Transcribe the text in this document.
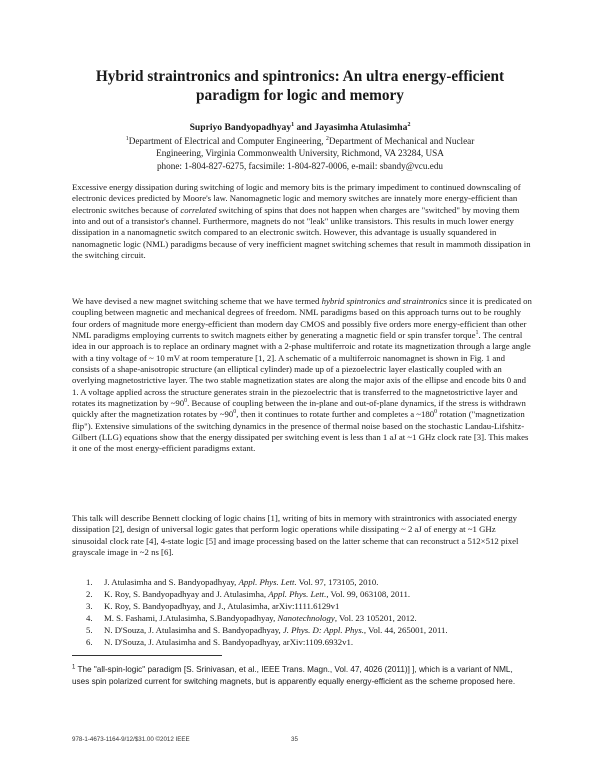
Hybrid straintronics and spintronics: An ultra energy-efficient
paradigm for logic and memory
Supriyo Bandyopadhyay$^1$ and Jayasimha Atulasimha$^2$
$^1$Department of Electrical and Computer Engineering, $^2$Department of Mechanical and Nuclear
Engineering, Virginia Commonwealth University, Richmond, VA 23284, USA
phone: 1-804-827-6275, facsimile: 1-804-827-0006, e-mail: sbandy@vcu.edu

Excessive energy dissipation during switching of logic and memory bits is the primary impediment to continued downscaling of electronic devices predicted by Moore's law. Nanomagnetic logic and memory switches are innately more energy-efficient than electronic switches because of correlated switching of spins that does not happen when charges are "switched" by moving them into and out of a transistor's channel. Furthermore, magnets do not "leak" unlike transistors. This results in much lower energy dissipation in a nanomagnetic switch compared to an electronic switch. However, this advantage is usually squandered in nanomagnetic logic (NML) paradigms because of very inefficient magnet switching schemes that result in mammoth dissipation in the switching circuit.

We have devised a new magnet switching scheme that we have termed hybrid spintronics and straintronics since it is predicated on coupling between magnetic and mechanical degrees of freedom. NML paradigms based on this approach turns out to be roughly four orders of magnitude more energy-efficient than modern day CMOS and possibly five orders more energy-efficient than other NML paradigms employing currents to switch magnets either by generating a magnetic field or spin transfer torque$^1$. The central idea in our approach is to replace an ordinary magnet with a 2-phase multiferroic and rotate its magnetization through a large angle with a tiny voltage of ~ 10 mV at room temperature [1, 2]. A schematic of a multiferroic nanomagnet is shown in Fig. 1 and consists of a shape-anisotropic structure (an elliptical cylinder) made up of a piezoelectric layer elastically coupled with an overlying magnetostrictive layer. The two stable magnetization states are along the major axis of the ellipse and encode bits 0 and 1. A voltage applied across the structure generates strain in the piezoelectric that is transferred to the magnetostrictive layer and rotates its magnetization by $\sim 90^0$. Because of coupling between the in-plane and out-of-plane dynamics, if the stress is withdrawn quickly after the magnetization rotates by $\sim 90^0$, then it continues to rotate further and completes a $\sim 180^0$ rotation ("magnetization flip"). Extensive simulations of the switching dynamics in the presence of thermal noise based on the stochastic Landau-Lifshitz-Gilbert (LLG) equations show that the energy dissipated per switching event is less than 1 aJ at ~1 GHz clock rate [3]. This makes it one of the most energy-efficient paradigms extant.

This talk will describe Bennett clocking of logic chains [1], writing of bits in memory with straintronics with associated energy dissipation [2], design of universal logic gates that perform logic operations while dissipating ~ 2 aJ of energy at ~1 GHz sinusoidal clock rate [4], 4-state logic [5] and image processing based on the latter scheme that can reconstruct a 512×512 pixel grayscale image in ~2 ns [6].

1.	J. Atulasimha and S. Bandyopadhyay, Appl. Phys. Lett. Vol. 97, 173105, 2010.
2.	K. Roy, S. Bandyopadhyay and J. Atulasimha, Appl. Phys. Lett., Vol. 99, 063108, 2011.
3.	K. Roy, S. Bandyopadhyay, and J., Atulasimha, arXiv:1111.6129v1
4.	M. S. Fashami, J.Atulasimha, S.Bandyopadhyay, Nanotechnology, Vol. 23 105201, 2012.
5.	N. D'Souza, J. Atulasimha and S. Bandyopadhyay, J. Phys. D: Appl. Phys., Vol. 44, 265001, 2011.
6.	N. D'Souza, J. Atulasimha and S. Bandyopadhyay, arXiv:1109.6932v1.
$^1$ The "all-spin-logic" paradigm [S. Srinivasan, et al., IEEE Trans. Magn., Vol. 47, 4026 (2011)] ], which is a variant of NML, uses spin polarized current for switching magnets, but is apparently equally energy-efficient as the scheme proposed here.
978-1-4673-1164-9/12/$31.00 ©2012 IEEE	35
